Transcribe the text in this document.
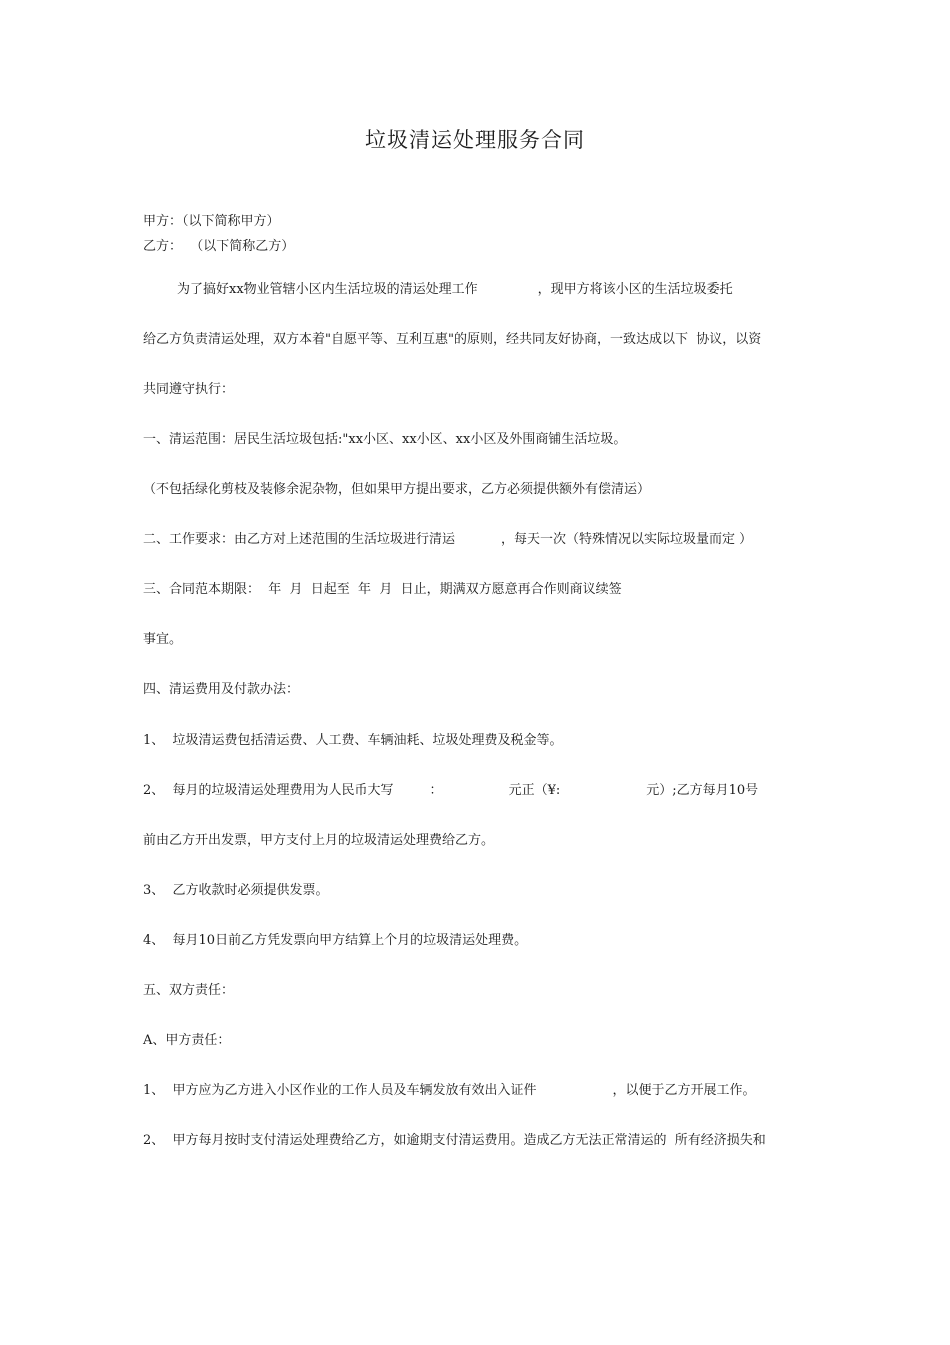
垃圾清运处理服务合同
甲方：（以下简称甲方）
乙方：  （以下简称乙方）
为了搞好xx物业管辖小区内生活垃圾的清运处理工作	，现甲方将该小区的生活垃圾委托
给乙方负责清运处理，双方本着"自愿平等、互利互惠"的原则，经共同友好协商，一致达成以下  协议，以资
共同遵守执行：
一、清运范围：居民生活垃圾包括:"xx小区、xx小区、xx小区及外围商铺生活垃圾。
（不包括绿化剪枝及装修余泥杂物，但如果甲方提出要求，乙方必须提供额外有偿清运）
二、工作要求：由乙方对上述范围的生活垃圾进行清运	，每天一次（特殊情况以实际垃圾量而定 ）
三、合同范本期限：  年  月  日起至  年  月  日止，期满双方愿意再合作则商议续签
事宜。
四、清运费用及付款办法：
1、  垃圾清运费包括清运费、人工费、车辆油耗、垃圾处理费及税金等。
2、  每月的垃圾清运处理费用为人民币大写	：	元正（¥:	元）;乙方每月10号
前由乙方开出发票，甲方支付上月的垃圾清运处理费给乙方。
3、  乙方收款时必须提供发票。
4、  每月10日前乙方凭发票向甲方结算上个月的垃圾清运处理费。
五、双方责任：
A、甲方责任：
1、  甲方应为乙方进入小区作业的工作人员及车辆发放有效出入证件	，以便于乙方开展工作。
2、  甲方每月按时支付清运处理费给乙方，如逾期支付清运费用。造成乙方无法正常清运的  所有经济损失和
